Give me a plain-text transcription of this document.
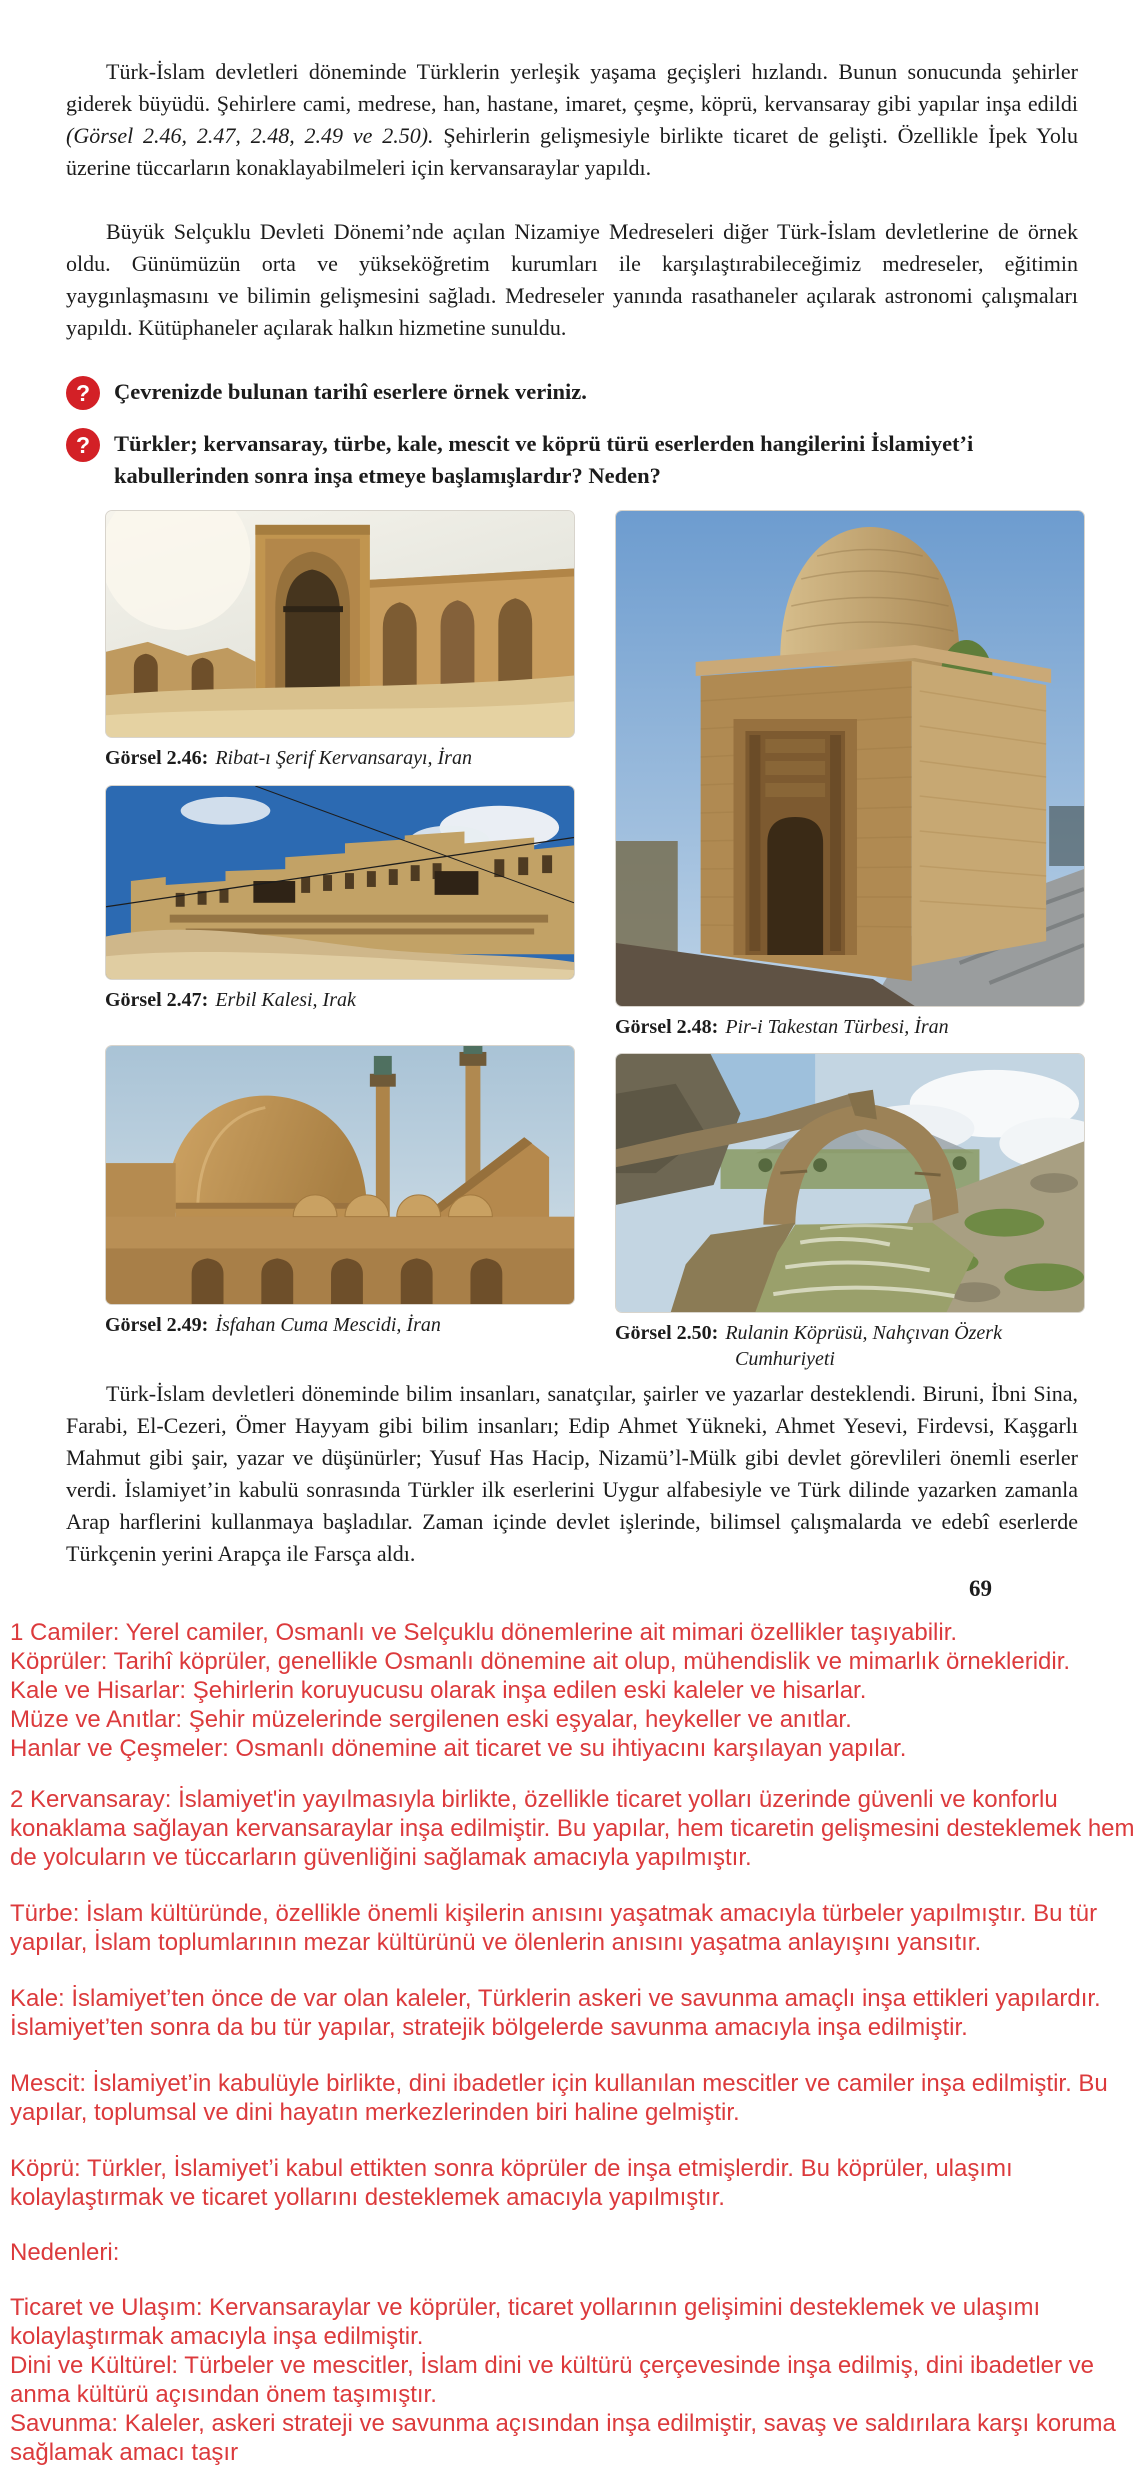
Türk-İslam devletleri döneminde Türklerin yerleşik yaşama geçişleri hızlandı. Bunun sonucunda şehirler giderek büyüdü. Şehirlere cami, medrese, han, hastane, imaret, çeşme, köprü, kervansaray gibi yapılar inşa edildi (Görsel 2.46, 2.47, 2.48, 2.49 ve 2.50). Şehirlerin gelişmesiyle birlikte ticaret de gelişti. Özellikle İpek Yolu üzerine tüccarların konaklayabilmeleri için kervansaraylar yapıldı.

Büyük Selçuklu Devleti Dönemi’nde açılan Nizamiye Medreseleri diğer Türk-İslam devletlerine de örnek oldu. Günümüzün orta ve yükseköğretim kurumları ile karşılaştırabileceğimiz medreseler, eğitimin yaygınlaşmasını ve bilimin gelişmesini sağladı. Medreseler yanında rasathaneler açılarak astronomi çalışmaları yapıldı. Kütüphaneler açılarak halkın hizmetine sunuldu.

? Çevrenizde bulunan tarihî eserlere örnek veriniz.

? Türkler; kervansaray, türbe, kale, mescit ve köprü türü eserlerden hangilerini İslamiyet’i kabullerinden sonra inşa etmeye başlamışlardır? Neden?

Görsel 2.46: Ribat-ı Şerif Kervansarayı, İran
Görsel 2.47: Erbil Kalesi, Irak
Görsel 2.49: İsfahan Cuma Mescidi, İran
Görsel 2.48: Pir-i Takestan Türbesi, İran
Görsel 2.50: Rulanin Köprüsü, Nahçıvan Özerk Cumhuriyeti

Türk-İslam devletleri döneminde bilim insanları, sanatçılar, şairler ve yazarlar desteklendi. Biruni, İbni Sina, Farabi, El-Cezeri, Ömer Hayyam gibi bilim insanları; Edip Ahmet Yükneki, Ahmet Yesevi, Firdevsi, Kaşgarlı Mahmut gibi şair, yazar ve düşünürler; Yusuf Has Hacip, Nizamü’l-Mülk gibi devlet görevlileri önemli eserler verdi. İslamiyet’in kabulü sonrasında Türkler ilk eserlerini Uygur alfabesiyle ve Türk dilinde yazarken zamanla Arap harflerini kullanmaya başladılar. Zaman içinde devlet işlerinde, bilimsel çalışmalarda ve edebî eserlerde Türkçenin yerini Arapça ile Farsça aldı.

69

1 Camiler: Yerel camiler, Osmanlı ve Selçuklu dönemlerine ait mimari özellikler taşıyabilir.

Köprüler: Tarihî köprüler, genellikle Osmanlı dönemine ait olup, mühendislik ve mimarlık örnekleridir.

Kale ve Hisarlar: Şehirlerin koruyucusu olarak inşa edilen eski kaleler ve hisarlar.

Müze ve Anıtlar: Şehir müzelerinde sergilenen eski eşyalar, heykeller ve anıtlar.

Hanlar ve Çeşmeler: Osmanlı dönemine ait ticaret ve su ihtiyacını karşılayan yapılar.

2 Kervansaray: İslamiyet'in yayılmasıyla birlikte, özellikle ticaret yolları üzerinde güvenli ve konforlu konaklama sağlayan kervansaraylar inşa edilmiştir. Bu yapılar, hem ticaretin gelişmesini desteklemek hem de yolcuların ve tüccarların güvenliğini sağlamak amacıyla yapılmıştır.

Türbe: İslam kültüründe, özellikle önemli kişilerin anısını yaşatmak amacıyla türbeler yapılmıştır. Bu tür yapılar, İslam toplumlarının mezar kültürünü ve ölenlerin anısını yaşatma anlayışını yansıtır.

Kale: İslamiyet’ten önce de var olan kaleler, Türklerin askeri ve savunma amaçlı inşa ettikleri yapılardır. İslamiyet’ten sonra da bu tür yapılar, stratejik bölgelerde savunma amacıyla inşa edilmiştir.

Mescit: İslamiyet’in kabulüyle birlikte, dini ibadetler için kullanılan mescitler ve camiler inşa edilmiştir. Bu yapılar, toplumsal ve dini hayatın merkezlerinden biri haline gelmiştir.

Köprü: Türkler, İslamiyet’i kabul ettikten sonra köprüler de inşa etmişlerdir. Bu köprüler, ulaşımı kolaylaştırmak ve ticaret yollarını desteklemek amacıyla yapılmıştır.

Nedenleri:

Ticaret ve Ulaşım: Kervansaraylar ve köprüler, ticaret yollarının gelişimini desteklemek ve ulaşımı kolaylaştırmak amacıyla inşa edilmiştir.

Dini ve Kültürel: Türbeler ve mescitler, İslam dini ve kültürü çerçevesinde inşa edilmiş, dini ibadetler ve anma kültürü açısından önem taşımıştır.

Savunma: Kaleler, askeri strateji ve savunma açısından inşa edilmiştir, savaş ve saldırılara karşı koruma sağlamak amacı taşır
